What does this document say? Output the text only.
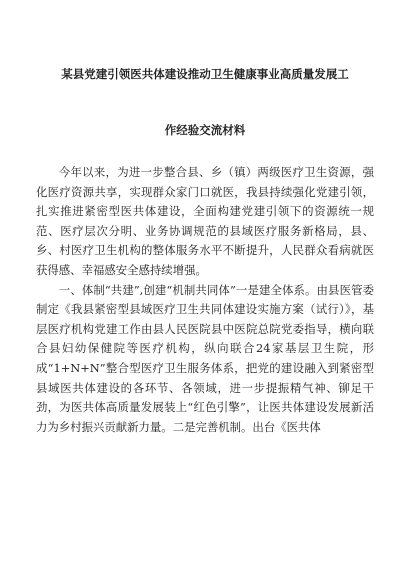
某县党建引领医共体建设推动卫生健康事业高质量发展工
作经验交流材料

今年以来，为进一步整合县、乡（镇）两级医疗卫生资源，强化医疗资源共享，实现群众家门口就医，我县持续强化党建引领，扎实推进紧密型医共体建设，全面构建党建引领下的资源统一规范、医疗层次分明、业务协调规范的县域医疗服务新格局，县、乡、村医疗卫生机构的整体服务水平不断提升，人民群众看病就医获得感、幸福感安全感持续增强。

一、体制“共建”,创建“机制共同体”一是建全体系。由县医管委制定《我县紧密型县域医疗卫生共同体建设实施方案（试行）》，基层医疗机构党建工作由县人民医院县中医院总院党委指导，横向联合县妇幼保健院等医疗机构，纵向联合24家基层卫生院，形成“1+N+N”整合型医疗卫生服务体系，把党的建设融入到紧密型县域医共体建设的各环节、各领域，进一步提振精气神、铆足干劲，为医共体高质量发展装上“红色引擎”，让医共体建设发展新活力为乡村振兴贡献新力量。二是完善机制。出台《医共体
